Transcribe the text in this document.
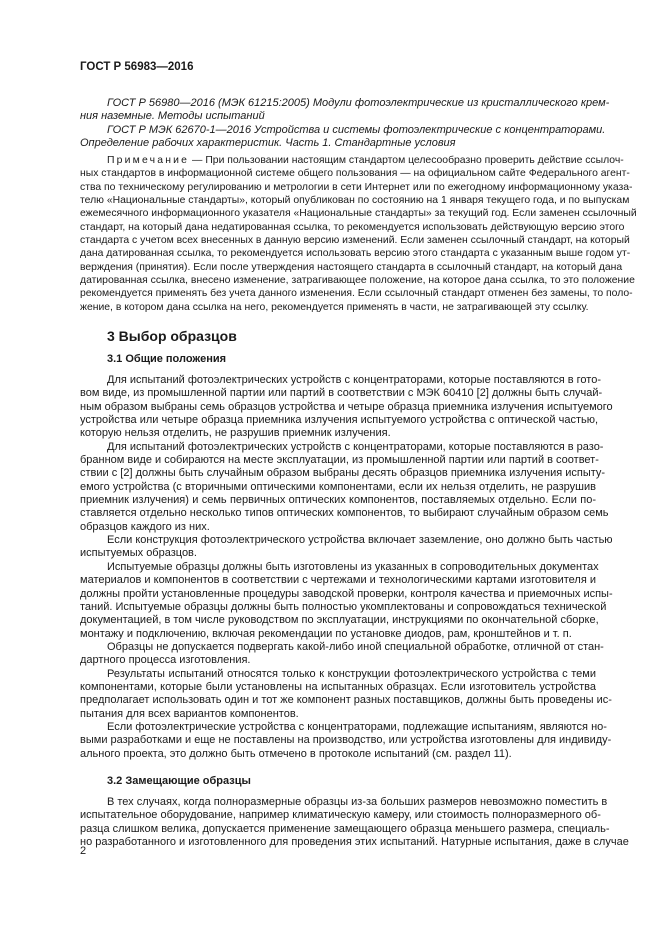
ГОСТ Р 56983—2016
ГОСТ Р 56980—2016 (МЭК 61215:2005) Модули фотоэлектрические из кристаллического крем-
ния наземные. Методы испытаний
ГОСТ Р МЭК 62670-1—2016 Устройства и системы фотоэлектрические с концентраторами.
Определение рабочих характеристик. Часть 1. Стандартные условия
Примечание — При пользовании настоящим стандартом целесообразно проверить действие ссылоч-
ных стандартов в информационной системе общего пользования — на официальном сайте Федерального агент-
ства по техническому регулированию и метрологии в сети Интернет или по ежегодному информационному указа-
телю «Национальные стандарты», который опубликован по состоянию на 1 января текущего года, и по выпускам
ежемесячного информационного указателя «Национальные стандарты» за текущий год. Если заменен ссылочный
стандарт, на который дана недатированная ссылка, то рекомендуется использовать действующую версию этого
стандарта с учетом всех внесенных в данную версию изменений. Если заменен ссылочный стандарт, на который
дана датированная ссылка, то рекомендуется использовать версию этого стандарта с указанным выше годом ут-
верждения (принятия). Если после утверждения настоящего стандарта в ссылочный стандарт, на который дана
датированная ссылка, внесено изменение, затрагивающее положение, на которое дана ссылка, то это положение
рекомендуется применять без учета данного изменения. Если ссылочный стандарт отменен без замены, то поло-
жение, в котором дана ссылка на него, рекомендуется применять в части, не затрагивающей эту ссылку.
3 Выбор образцов
3.1 Общие положения
Для испытаний фотоэлектрических устройств с концентраторами, которые поставляются в гото-
вом виде, из промышленной партии или партий в соответствии с МЭК 60410 [2] должны быть случай-
ным образом выбраны семь образцов устройства и четыре образца приемника излучения испытуемого
устройства или четыре образца приемника излучения испытуемого устройства с оптической частью,
которую нельзя отделить, не разрушив приемник излучения.
Для испытаний фотоэлектрических устройств с концентраторами, которые поставляются в разо-
бранном виде и собираются на месте эксплуатации, из промышленной партии или партий в соответ-
ствии с [2] должны быть случайным образом выбраны десять образцов приемника излучения испыту-
емого устройства (с вторичными оптическими компонентами, если их нельзя отделить, не разрушив
приемник излучения) и семь первичных оптических компонентов, поставляемых отдельно. Если по-
ставляется отдельно несколько типов оптических компонентов, то выбирают случайным образом семь
образцов каждого из них.
Если конструкция фотоэлектрического устройства включает заземление, оно должно быть частью
испытуемых образцов.
Испытуемые образцы должны быть изготовлены из указанных в сопроводительных документах
материалов и компонентов в соответствии с чертежами и технологическими картами изготовителя и
должны пройти установленные процедуры заводской проверки, контроля качества и приемочных испы-
таний. Испытуемые образцы должны быть полностью укомплектованы и сопровождаться технической
документацией, в том числе руководством по эксплуатации, инструкциями по окончательной сборке,
монтажу и подключению, включая рекомендации по установке диодов, рам, кронштейнов и т. п.
Образцы не допускается подвергать какой-либо иной специальной обработке, отличной от стан-
дартного процесса изготовления.
Результаты испытаний относятся только к конструкции фотоэлектрического устройства с теми
компонентами, которые были установлены на испытанных образцах. Если изготовитель устройства
предполагает использовать один и тот же компонент разных поставщиков, должны быть проведены ис-
пытания для всех вариантов компонентов.
Если фотоэлектрические устройства с концентраторами, подлежащие испытаниям, являются но-
выми разработками и еще не поставлены на производство, или устройства изготовлены для индивиду-
ального проекта, это должно быть отмечено в протоколе испытаний (см. раздел 11).
3.2 Замещающие образцы
В тех случаях, когда полноразмерные образцы из-за больших размеров невозможно поместить в
испытательное оборудование, например климатическую камеру, или стоимость полноразмерного об-
разца слишком велика, допускается применение замещающего образца меньшего размера, специаль-
но разработанного и изготовленного для проведения этих испытаний. Натурные испытания, даже в случае
2
